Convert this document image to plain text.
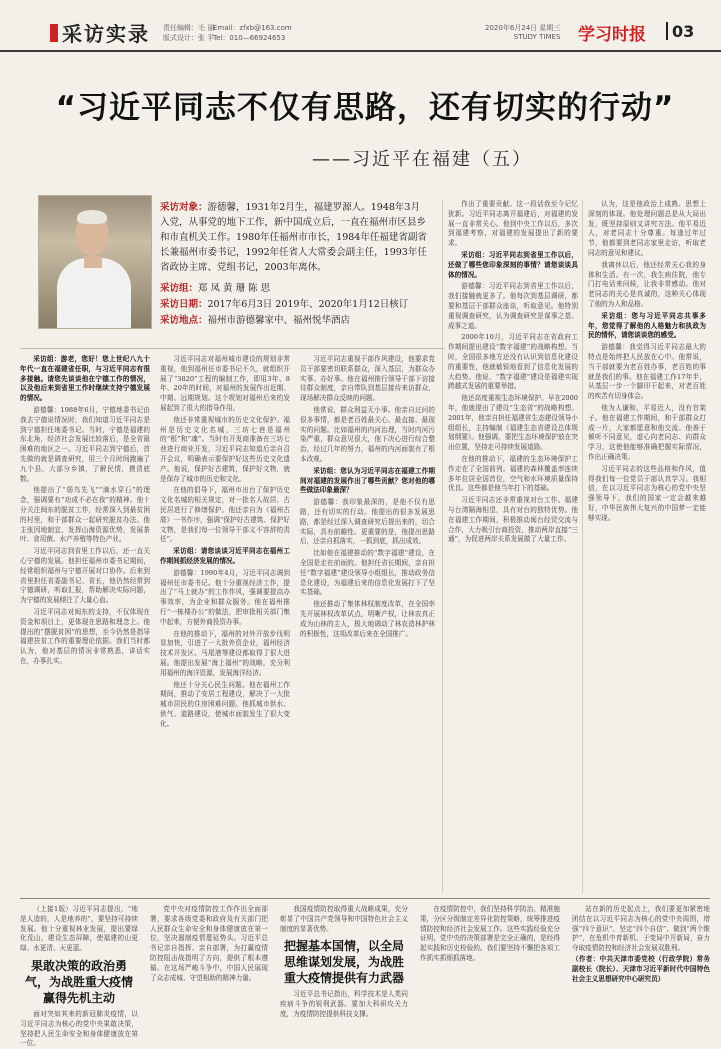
采访实录 责任编辑：毛 丽
版式设计：张 平
Email：zfxb@163.com
Tel：010—66924653
2020年6月24日 星期三
STUDY TIMES 学习时报 03
“习近平同志不仅有思路，还有切实的行动”
——习近平在福建（五）
采访对象：游德馨，1931年2月生，福建罗源人。1948年3月入党，从事党的地下工作，新中国成立后，一直在福州市区县乡和市直机关工作。1980年任福州市市长，1984年任福建省副省长兼福州市委书记，1992年任省人大常委会副主任，1993年任省政协主席、党组书记，2003年离休。
采访组：郑 凤 黄 珊 陈 思
采访日期：2017年6月3日 2019年、2020年1月12日核订
采访地点：福州市游德馨家中、福州悦华酒店

采访组：游老，您好！您上世纪八九十年代一直在福建省任职，与习近平同志有很多接触。请您先谈谈他在宁德工作的情况，以及他后来到省里工作时继续支持宁德发展的情况。

游德馨：1988年6月，宁德地委书记由我去宁德说情况时，我们知道习近平同志是到宁德担任地委书记。当时，宁德是福建的东北角，经济社会发展比较落后，是全省最困难的地区之一。习近平同志到宁德后，首先做的就是调查研究，用三个月时间跑遍了九个县，大部分乡镇，了解民情，摸清底数。

他提出了“弱鸟先飞”“滴水穿石”的理念，强调要有“功成不必在我”的精神。他十分关注闽东的脱贫工作，经常深入到最贫困的村里，和干部群众一起研究脱贫办法。他主张因地制宜，发挥山海资源优势，发展茶叶、食用菌、水产养殖等特色产业。

习近平同志到省里工作以后，还一直关心宁德的发展。他担任福州市委书记期间，经常组织福州与宁德开展对口协作。后来到省里担任省委副书记、省长，他仍然经常到宁德调研，听取汇报，帮助解决实际问题，为宁德的发展倾注了大量心血。

习近平同志对闽东的支持，不仅体现在资金和项目上，更体现在思路和理念上。他提出的“摆脱贫困”的思想，至今仍然是指导福建扶贫工作的重要理论依据。我们当时都认为，他对基层的情况非常熟悉，讲话实在，办事扎实。

习近平同志对福州城市建设的规划非常重视，他到福州任市委书记不久，就组织开展了“3820”工程的编制工作，即用3年、8年、20年的时间，对福州的发展作出近期、中期、远期规划。这个规划对福州后来的发展起到了很大的指导作用。

他还非常重视城市的历史文化保护。福州是历史文化名城，三坊七巷是福州的“根”和“魂”。当时有开发商准备在三坊七巷进行商业开发，习近平同志知道后亲自召开会议，明确表示要保护好这些历史文化遗产。他说，保护好古建筑，保护好文物，就是保存了城市的历史和文化。

在他的倡导下，福州市出台了保护历史文化名城的相关规定，对一批名人故居、古民居进行了修缮保护。他还亲自为《福州古厝》一书作序，强调“保护好古建筑、保护好文物，是我们每一位领导干部义不容辞的责任”。

采访组：请您谈谈习近平同志在福州工作期间抓经济发展的情况。

游德馨：1990年4月，习近平同志调到福州任市委书记。他十分重视经济工作，提出了“马上就办”的工作作风，强调要提高办事效率，为企业和群众服务。他在福州推行“一栋楼办公”的做法，把审批相关部门集中起来，方便外商投资办事。

在他的推动下，福州的对外开放步伐明显加快，引进了一大批外资企业，福州经济技术开发区、马尾港等建设都取得了很大进展。他提出发展“海上福州”的战略，充分利用福州的海洋资源，发展海洋经济。

他还十分关心民生问题。他在福州工作期间，推动了安居工程建设，解决了一大批城市居民的住房困难问题。他抓城市供水、供气、道路建设，使城市面貌发生了很大变化。

习近平同志重视干部作风建设，他要求党员干部要密切联系群众，深入基层，为群众办实事、办好事。他在福州推行领导干部下访接待群众制度，亲自带队到基层接待来访群众，现场解决群众反映的问题。

他常说，群众利益无小事。他亲自过问的很多事情，都是老百姓最关心、最直接、最现实的问题。比如福州的内河治理，当时内河污染严重，群众意见很大，他下决心进行综合整治，经过几年的努力，福州的内河面貌有了根本改观。

采访组：您认为习近平同志在福建工作期间对福建的发展作出了哪些贡献？您对他的哪些做法印象最深？

游德馨：我印象最深的，是他不仅有思路，还有切实的行动。他提出的很多发展思路，都是经过深入调查研究后提出来的，切合实际，具有前瞻性。更重要的是，他提出思路后，还亲自抓落实，一抓到底，抓出成效。

比如他在福建推动的“数字福建”建设，在全国是走在前面的。他担任省长期间，亲自担任“数字福建”建设领导小组组长，推动政务信息化建设，为福建后来的信息化发展打下了坚实基础。

他还推动了集体林权制度改革，在全国率先开展林权改革试点，明晰产权，让林农真正成为山林的主人，极大地调动了林农造林护林的积极性，这项改革后来在全国推广。

作出了重要贡献。这一段话我至今记忆犹新。习近平同志离开福建后，对福建的发展一直非常关心。他到中央工作以后，多次到福建考察，对福建的发展提出了新的要求。

采访组：习近平同志到省里工作以后，还做了哪些您印象深刻的事情？请您谈谈具体的情况。

游德馨：习近平同志到省里工作以后，我们接触就更多了。他每次到基层调研，都要和基层干部群众座谈，听取意见。他特别重视调查研究，认为调查研究是谋事之基、成事之道。

2000年10月，习近平同志在省政府工作期间提出建设“数字福建”的战略构想。当时，全国很多地方还没有认识到信息化建设的重要性，他就敏锐地看到了信息化发展的大趋势。他说，“数字福建”建设是福建实现跨越式发展的重要举措。

他还高度重视生态环境保护。早在2000年，他就提出了建设“生态省”的战略构想。2001年，他亲自担任福建省生态建设领导小组组长，主持编制《福建生态省建设总体规划纲要》。他强调，要把生态环境保护放在突出位置，坚持走可持续发展道路。

在他的推动下，福建的生态环境保护工作走在了全国前列。福建的森林覆盖率连续多年位居全国首位，空气和水环境质量保持优良。这些都是他当年打下的基础。

习近平同志还非常重视对台工作。福建与台湾隔海相望，具有对台的独特优势。他在福建工作期间，积极推动闽台经贸交流与合作，大力吸引台商投资，推动两岸直接“三通”，为促进两岸关系发展做了大量工作。

认为，这是他政治上成熟、思想上深刻的体现。他处理问题总是从大局出发，既坚持原则又讲究方法。他平易近人，对老同志十分尊重。每逢过年过节，他都要到老同志家里走访，听取老同志的意见和建议。

我离休以后，他还经常关心我的身体和生活。有一次，我生病住院，他专门打电话来问候，让我非常感动。他对老同志的关心是真诚的，这种关心体现了他的为人和品格。

采访组：您与习近平同志共事多年，您觉得了解他的人格魅力和执政为民的情怀，请您谈谈您的感受。

游德馨：我觉得习近平同志最大的特点是始终把人民放在心中。他常说，当干部就要为老百姓办事，老百姓的事就是我们的事。他在福建工作17年半，从基层一步一个脚印干起来，对老百姓的疾苦有切身体会。

他为人谦和，平易近人，没有官架子。他在福建工作期间，和干部群众打成一片，大家都愿意和他交流。他善于倾听不同意见，虚心向老同志、向群众学习，这使他能够准确把握实际情况，作出正确决策。

习近平同志的这些品格和作风，值得我们每一位党员干部认真学习。我相信，在以习近平同志为核心的党中央坚强领导下，我们的国家一定会越来越好，中华民族伟大复兴的中国梦一定能够实现。

（上接1版）习近平同志提出，“地是人造的，人是地养的”，要坚持可持续发展。他十分重视林业发展，提出要绿化荒山，建设生态屏障，使福建的山更绿、水更清、天更蓝。

果敢决策的政治勇气，为战胜重大疫情赢得先机主动

面对突如其来的新冠肺炎疫情，以习近平同志为核心的党中央果敢决策，坚持把人民生命安全和身体健康放在第一位。

党中央对疫情防控工作作出全面部署，要求各级党委和政府及有关部门把人民群众生命安全和身体健康放在第一位，坚决遏制疫情蔓延势头。习近平总书记亲自指挥、亲自部署，为打赢疫情防控阻击战指明了方向，提供了根本遵循。在这场严峻斗争中，中国人民展现了众志成城、守望相助的精神力量。

我国疫情防控取得重大战略成果，充分彰显了中国共产党领导和中国特色社会主义制度的显著优势。

把握基本国情，以全局思维谋划发展，为战胜重大疫情提供有力武器

习近平总书记指出，科学技术是人类同疾病斗争的锐利武器。要加大科研攻关力度，为疫情防控提供科技支撑。

在疫情防控中，我们坚持科学防治、精准施策，分区分级制定差异化防控策略，统筹推进疫情防控和经济社会发展工作。这些实践经验充分证明，党中央的决策部署是完全正确的，是经得起实践和历史检验的。我们要坚持不懈把各项工作抓实抓细抓落地。

站在新的历史起点上，我们要更加紧密地团结在以习近平同志为核心的党中央周围，增强“四个意识”、坚定“四个自信”、做到“两个维护”，在危机中育新机、于变局中开新局，奋力夺取疫情防控和经济社会发展双胜利。

（作者：中共天津市委党校（行政学院）常务副校长（院长）、天津市习近平新时代中国特色社会主义思想研究中心研究员）
